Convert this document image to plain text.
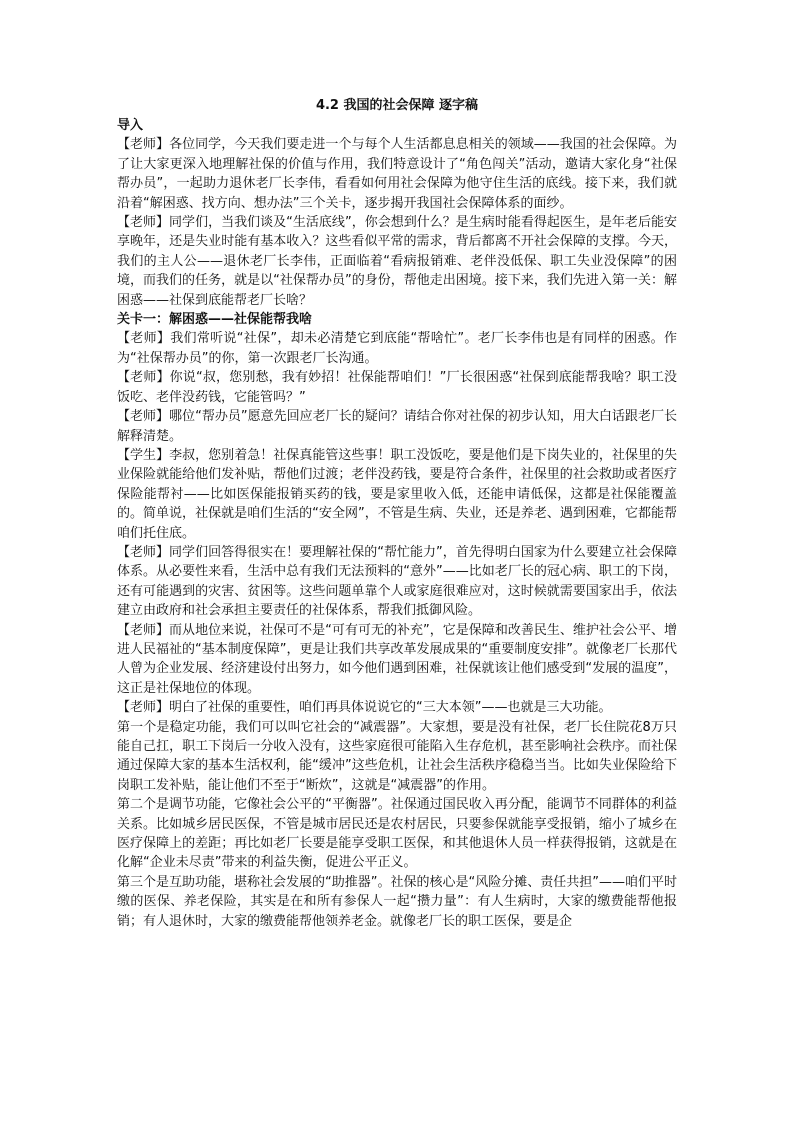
4.2 我国的社会保障 逐字稿
导入

【老师】各位同学，今天我们要走进一个与每个人生活都息息相关的领域——我国的社会保障。为了让大家更深入地理解社保的价值与作用，我们特意设计了“角色闯关”活动，邀请大家化身“社保帮办员”，一起助力退休老厂长李伟，看看如何用社会保障为他守住生活的底线。接下来，我们就沿着“解困惑、找方向、想办法”三个关卡，逐步揭开我国社会保障体系的面纱。

【老师】同学们，当我们谈及“生活底线”，你会想到什么？是生病时能看得起医生，是年老后能安享晚年，还是失业时能有基本收入？这些看似平常的需求，背后都离不开社会保障的支撑。今天，我们的主人公——退休老厂长李伟，正面临着“看病报销难、老伴没低保、职工失业没保障”的困境，而我们的任务，就是以“社保帮办员”的身份，帮他走出困境。接下来，我们先进入第一关：解困惑——社保到底能帮老厂长啥？

关卡一：解困惑——社保能帮我啥

【老师】我们常听说“社保”，却未必清楚它到底能“帮啥忙”。老厂长李伟也是有同样的困惑。作为“社保帮办员”的你，第一次跟老厂长沟通。

【老师】你说“叔，您别愁，我有妙招！社保能帮咱们！”厂长很困惑“社保到底能帮我啥？职工没饭吃、老伴没药钱，它能管吗？”

【老师】哪位“帮办员”愿意先回应老厂长的疑问？请结合你对社保的初步认知，用大白话跟老厂长解释清楚。

【学生】李叔，您别着急！社保真能管这些事！职工没饭吃，要是他们是下岗失业的，社保里的失业保险就能给他们发补贴，帮他们过渡；老伴没药钱，要是符合条件，社保里的社会救助或者医疗保险能帮衬——比如医保能报销买药的钱，要是家里收入低，还能申请低保，这都是社保能覆盖的。简单说，社保就是咱们生活的“安全网”，不管是生病、失业，还是养老、遇到困难，它都能帮咱们托住底。

【老师】同学们回答得很实在！要理解社保的“帮忙能力”，首先得明白国家为什么要建立社会保障体系。从必要性来看，生活中总有我们无法预料的“意外”——比如老厂长的冠心病、职工的下岗，还有可能遇到的灾害、贫困等。这些问题单靠个人或家庭很难应对，这时候就需要国家出手，依法建立由政府和社会承担主要责任的社保体系，帮我们抵御风险。

【老师】而从地位来说，社保可不是“可有可无的补充”，它是保障和改善民生、维护社会公平、增进人民福祉的“基本制度保障”，更是让我们共享改革发展成果的“重要制度安排”。就像老厂长那代人曾为企业发展、经济建设付出努力，如今他们遇到困难，社保就该让他们感受到“发展的温度”，这正是社保地位的体现。

【老师】明白了社保的重要性，咱们再具体说说它的“三大本领”——也就是三大功能。

第一个是稳定功能，我们可以叫它社会的“减震器”。大家想，要是没有社保，老厂长住院花8万只能自己扛，职工下岗后一分收入没有，这些家庭很可能陷入生存危机，甚至影响社会秩序。而社保通过保障大家的基本生活权利，能“缓冲”这些危机，让社会生活秩序稳稳当当。比如失业保险给下岗职工发补贴，能让他们不至于“断炊”，这就是“减震器”的作用。

第二个是调节功能，它像社会公平的“平衡器”。社保通过国民收入再分配，能调节不同群体的利益关系。比如城乡居民医保，不管是城市居民还是农村居民，只要参保就能享受报销，缩小了城乡在医疗保障上的差距；再比如老厂长要是能享受职工医保，和其他退休人员一样获得报销，这就是在化解“企业未尽责”带来的利益失衡，促进公平正义。

第三个是互助功能，堪称社会发展的“助推器”。社保的核心是“风险分摊、责任共担”——咱们平时缴的医保、养老保险，其实是在和所有参保人一起“攒力量”：有人生病时，大家的缴费能帮他报销；有人退休时，大家的缴费能帮他领养老金。就像老厂长的职工医保，要是企
